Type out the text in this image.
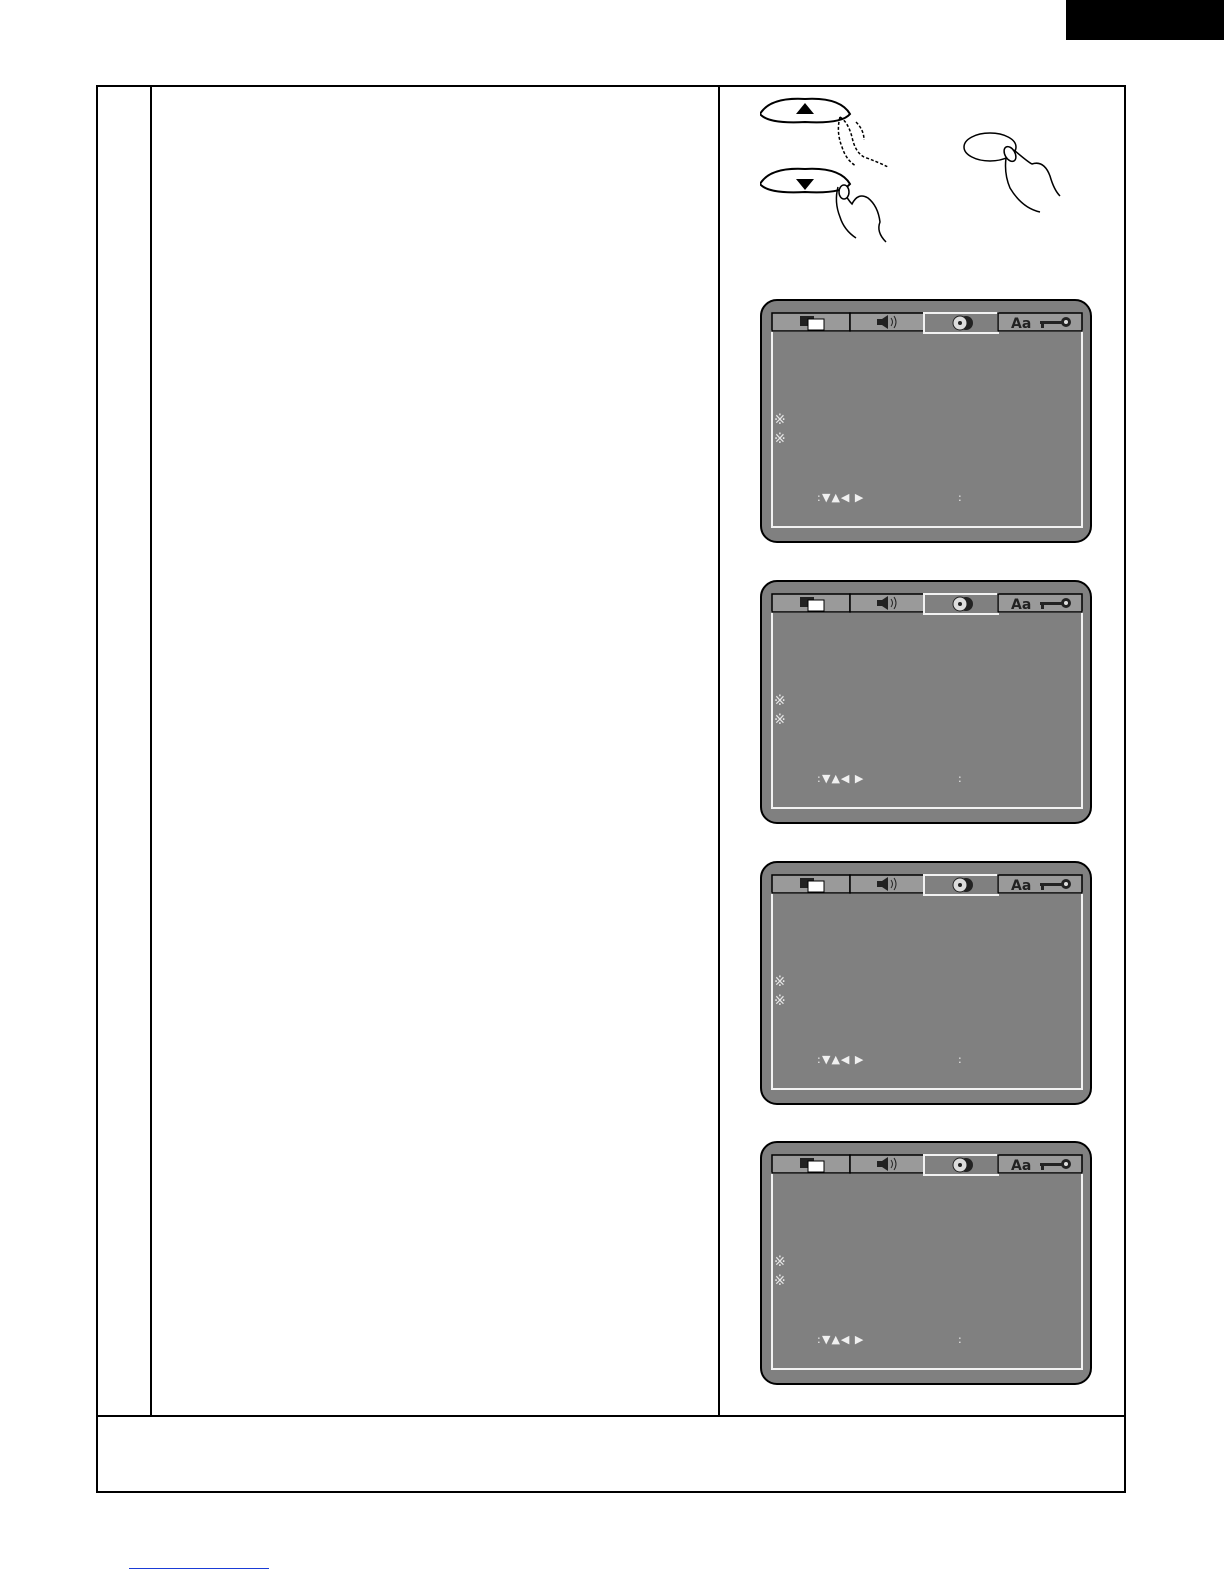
Aa
※
※
: ▼▲◀ ▶	:
Aa
※
※
: ▼▲◀ ▶	:
Aa
※
※
: ▼▲◀ ▶	:
Aa
※
※
: ▼▲◀ ▶	:
